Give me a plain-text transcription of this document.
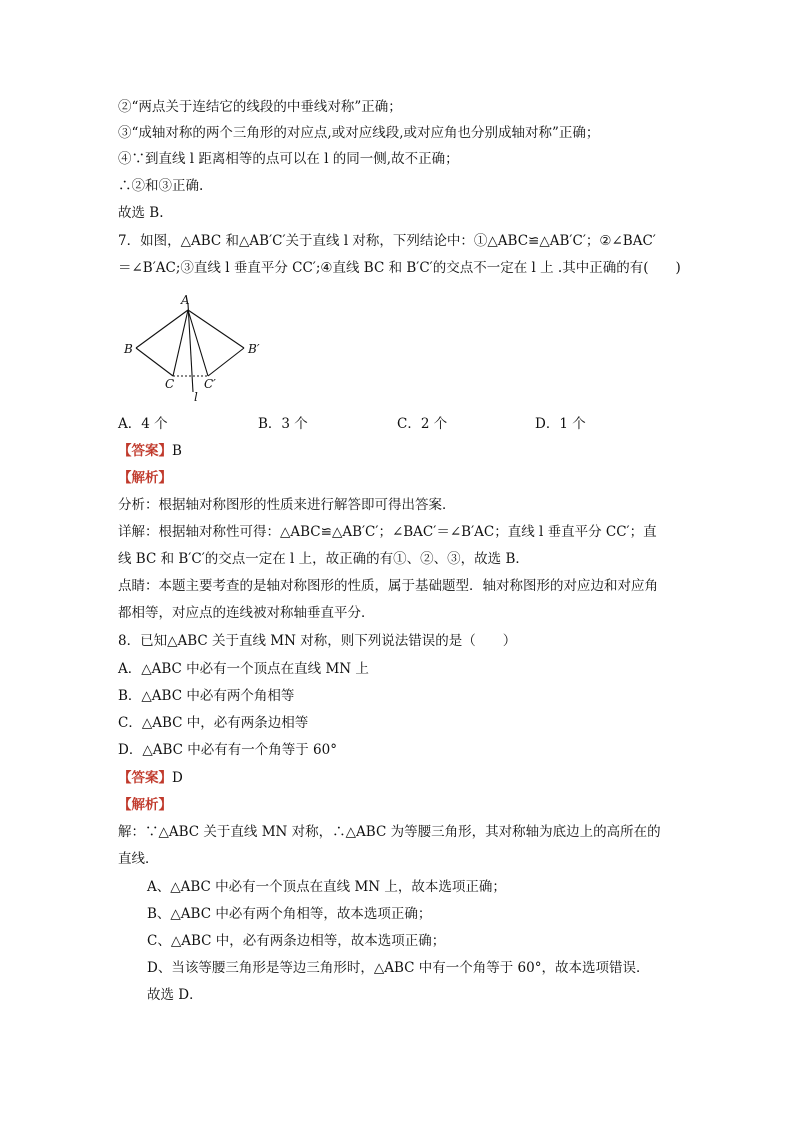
②“两点关于连结它的线段的中垂线对称”正确；
③“成轴对称的两个三角形的对应点,或对应线段,或对应角也分别成轴对称”正确；
④∵到直线 l 距离相等的点可以在 l 的同一侧,故不正确；
∴②和③正确.
故选 B.
7．如图，△ABC 和△AB′C′关于直线 l 对称，下列结论中：①△ABC≌△AB′C′；②∠BAC′
＝∠B′AC;③直线 l 垂直平分 CC′;④直线 BC 和 B′C′的交点不一定在 l 上 .其中正确的有(　　)
A
B	B′
C C′
l
A．4 个	B．3 个	C．2 个	D．1 个
【答案】B
【解析】
分析：根据轴对称图形的性质来进行解答即可得出答案．
详解：根据轴对称性可得：△ABC≌△AB′C′；∠BAC′＝∠B′AC；直线 l 垂直平分 CC′；直
线 BC 和 B′C′的交点一定在 l 上，故正确的有①、②、③，故选 B．
点睛：本题主要考查的是轴对称图形的性质，属于基础题型．轴对称图形的对应边和对应角
都相等，对应点的连线被对称轴垂直平分．
8．已知△ABC 关于直线 MN 对称，则下列说法错误的是（　　）
A．△ABC 中必有一个顶点在直线 MN 上
B．△ABC 中必有两个角相等
C．△ABC 中，必有两条边相等
D．△ABC 中必有有一个角等于 60°
【答案】D
【解析】
解：∵△ABC 关于直线 MN 对称，∴△ABC 为等腰三角形，其对称轴为底边上的高所在的
直线．
A、△ABC 中必有一个顶点在直线 MN 上，故本选项正确；
B、△ABC 中必有两个角相等，故本选项正确；
C、△ABC 中，必有两条边相等，故本选项正确；
D、当该等腰三角形是等边三角形时，△ABC 中有一个角等于 60°，故本选项错误．
故选 D．
